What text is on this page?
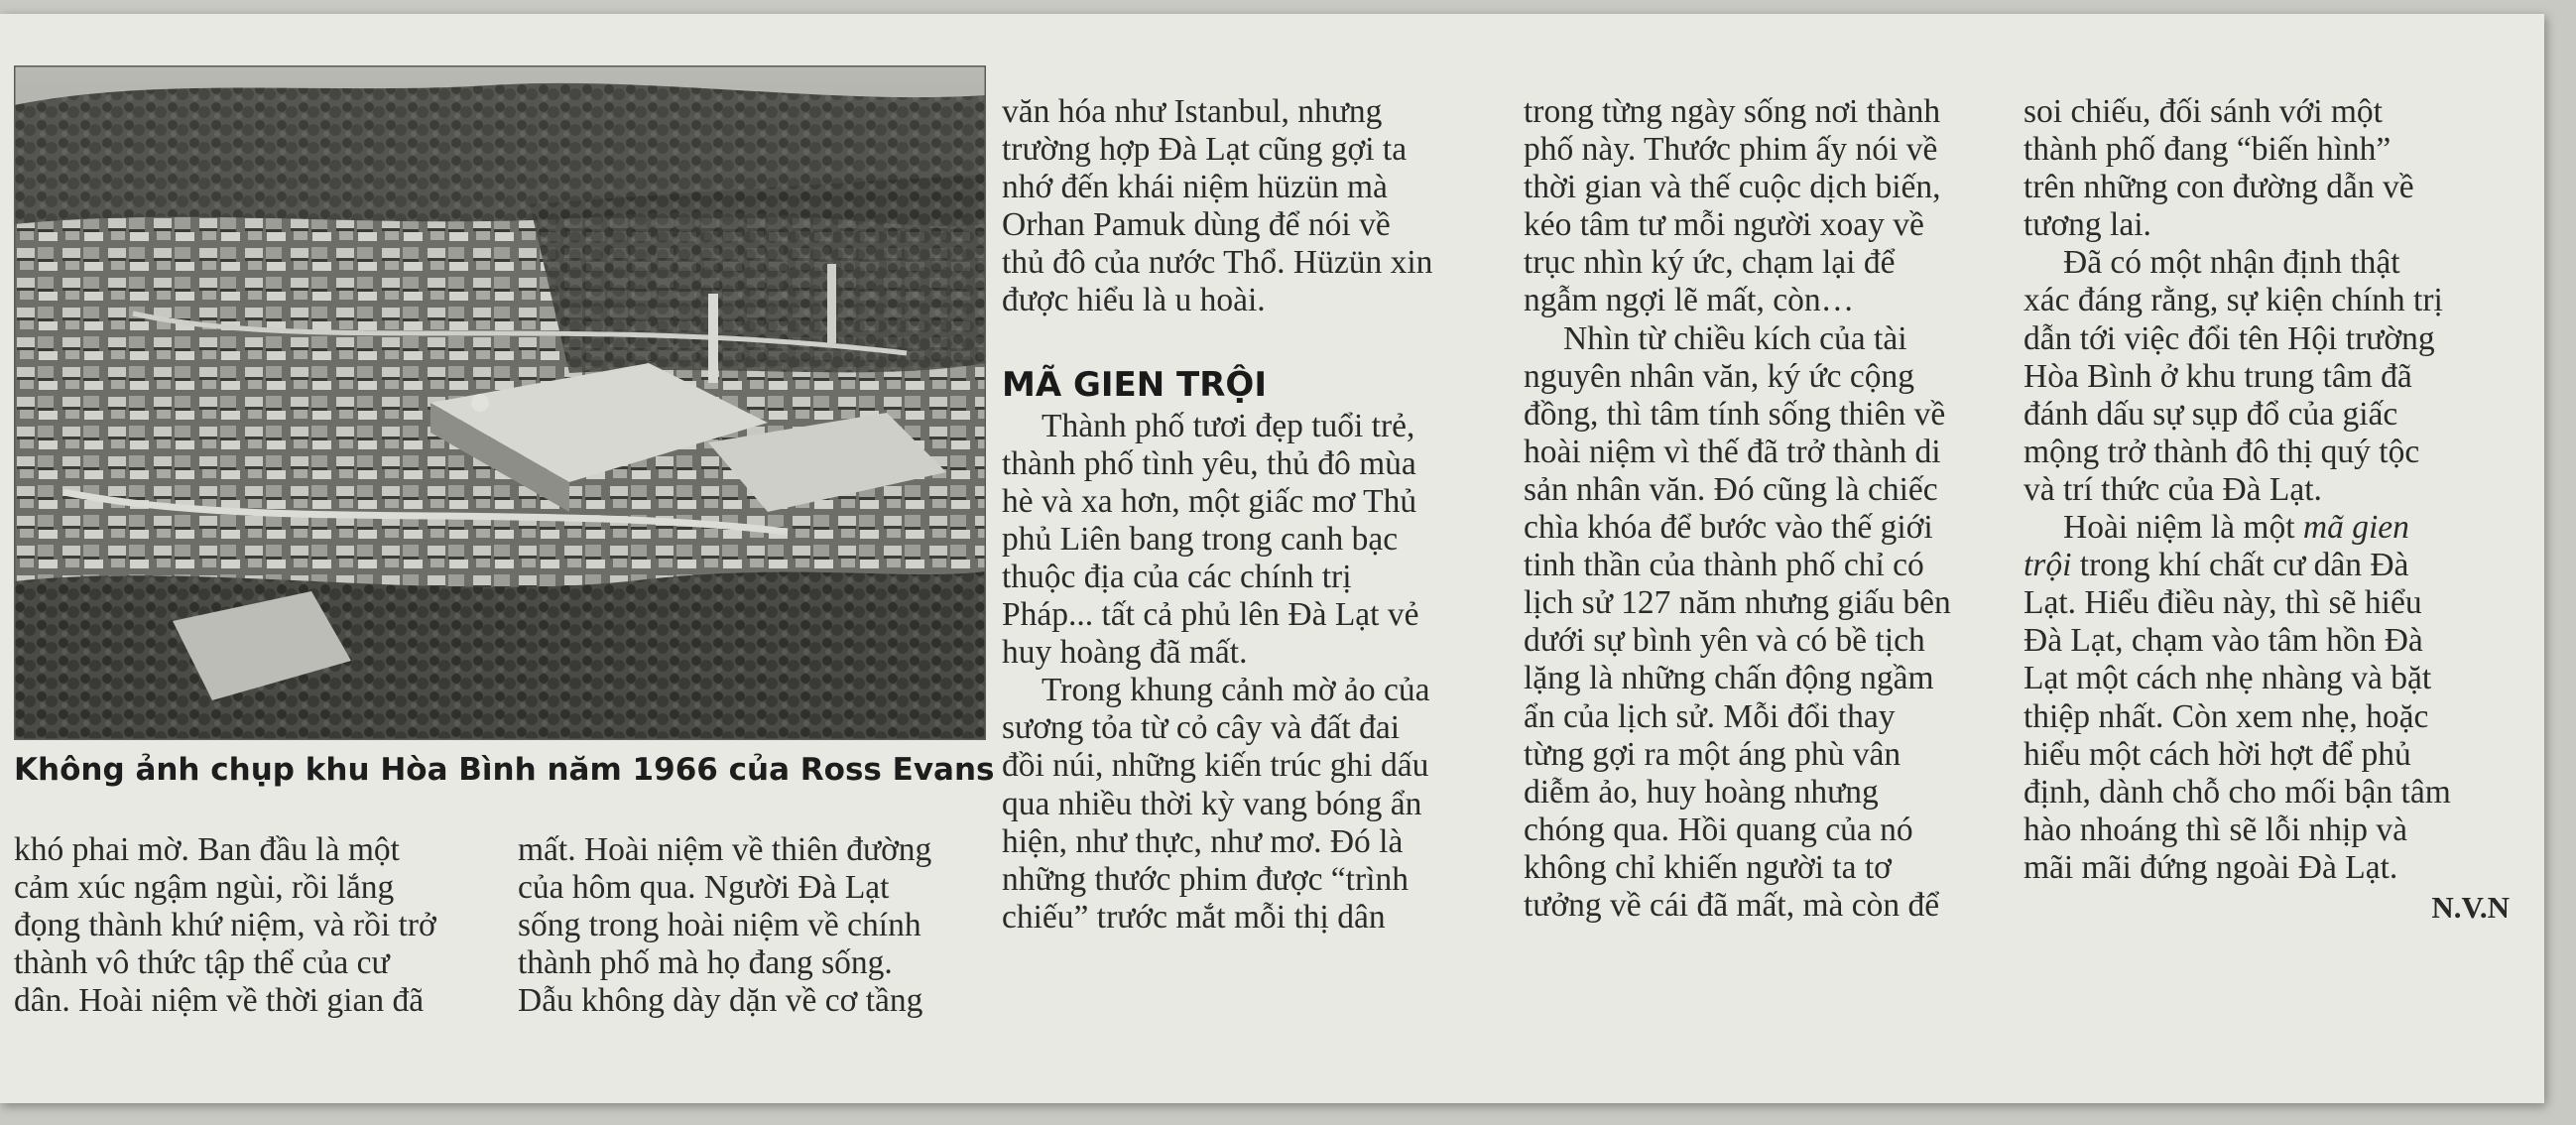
Không ảnh chụp khu Hòa Bình năm 1966 của Ross Evans
khó phai mờ. Ban đầu là một
cảm xúc ngậm ngùi, rồi lắng
đọng thành khứ niệm, và rồi trở
thành vô thức tập thể của cư
dân. Hoài niệm về thời gian đã
mất. Hoài niệm về thiên đường
của hôm qua. Người Đà Lạt
sống trong hoài niệm về chính
thành phố mà họ đang sống.
Dẫu không dày dặn về cơ tầng
văn hóa như Istanbul, nhưng
trường hợp Đà Lạt cũng gợi ta
nhớ đến khái niệm hüzün mà
Orhan Pamuk dùng để nói về
thủ đô của nước Thổ. Hüzün xin
được hiểu là u hoài.
MÃ GIEN TRỘI
Thành phố tươi đẹp tuổi trẻ,
thành phố tình yêu, thủ đô mùa
hè và xa hơn, một giấc mơ Thủ
phủ Liên bang trong canh bạc
thuộc địa của các chính trị
Pháp... tất cả phủ lên Đà Lạt vẻ
huy hoàng đã mất.
Trong khung cảnh mờ ảo của
sương tỏa từ cỏ cây và đất đai
đồi núi, những kiến trúc ghi dấu
qua nhiều thời kỳ vang bóng ẩn
hiện, như thực, như mơ. Đó là
những thước phim được “trình
chiếu” trước mắt mỗi thị dân
trong từng ngày sống nơi thành
phố này. Thước phim ấy nói về
thời gian và thế cuộc dịch biến,
kéo tâm tư mỗi người xoay về
trục nhìn ký ức, chạm lại để
ngẫm ngợi lẽ mất, còn…
Nhìn từ chiều kích của tài
nguyên nhân văn, ký ức cộng
đồng, thì tâm tính sống thiên về
hoài niệm vì thế đã trở thành di
sản nhân văn. Đó cũng là chiếc
chìa khóa để bước vào thế giới
tinh thần của thành phố chỉ có
lịch sử 127 năm nhưng giấu bên
dưới sự bình yên và có bề tịch
lặng là những chấn động ngầm
ẩn của lịch sử. Mỗi đổi thay
từng gợi ra một áng phù vân
diễm ảo, huy hoàng nhưng
chóng qua. Hồi quang của nó
không chỉ khiến người ta tơ
tưởng về cái đã mất, mà còn để
soi chiếu, đối sánh với một
thành phố đang “biến hình”
trên những con đường dẫn về
tương lai.
Đã có một nhận định thật
xác đáng rằng, sự kiện chính trị
dẫn tới việc đổi tên Hội trường
Hòa Bình ở khu trung tâm đã
đánh dấu sự sụp đổ của giấc
mộng trở thành đô thị quý tộc
và trí thức của Đà Lạt.
Hoài niệm là một mã gien
trội trong khí chất cư dân Đà
Lạt. Hiểu điều này, thì sẽ hiểu
Đà Lạt, chạm vào tâm hồn Đà
Lạt một cách nhẹ nhàng và bặt
thiệp nhất. Còn xem nhẹ, hoặc
hiểu một cách hời hợt để phủ
định, dành chỗ cho mối bận tâm
hào nhoáng thì sẽ lỗi nhịp và
mãi mãi đứng ngoài Đà Lạt.
N.V.N
